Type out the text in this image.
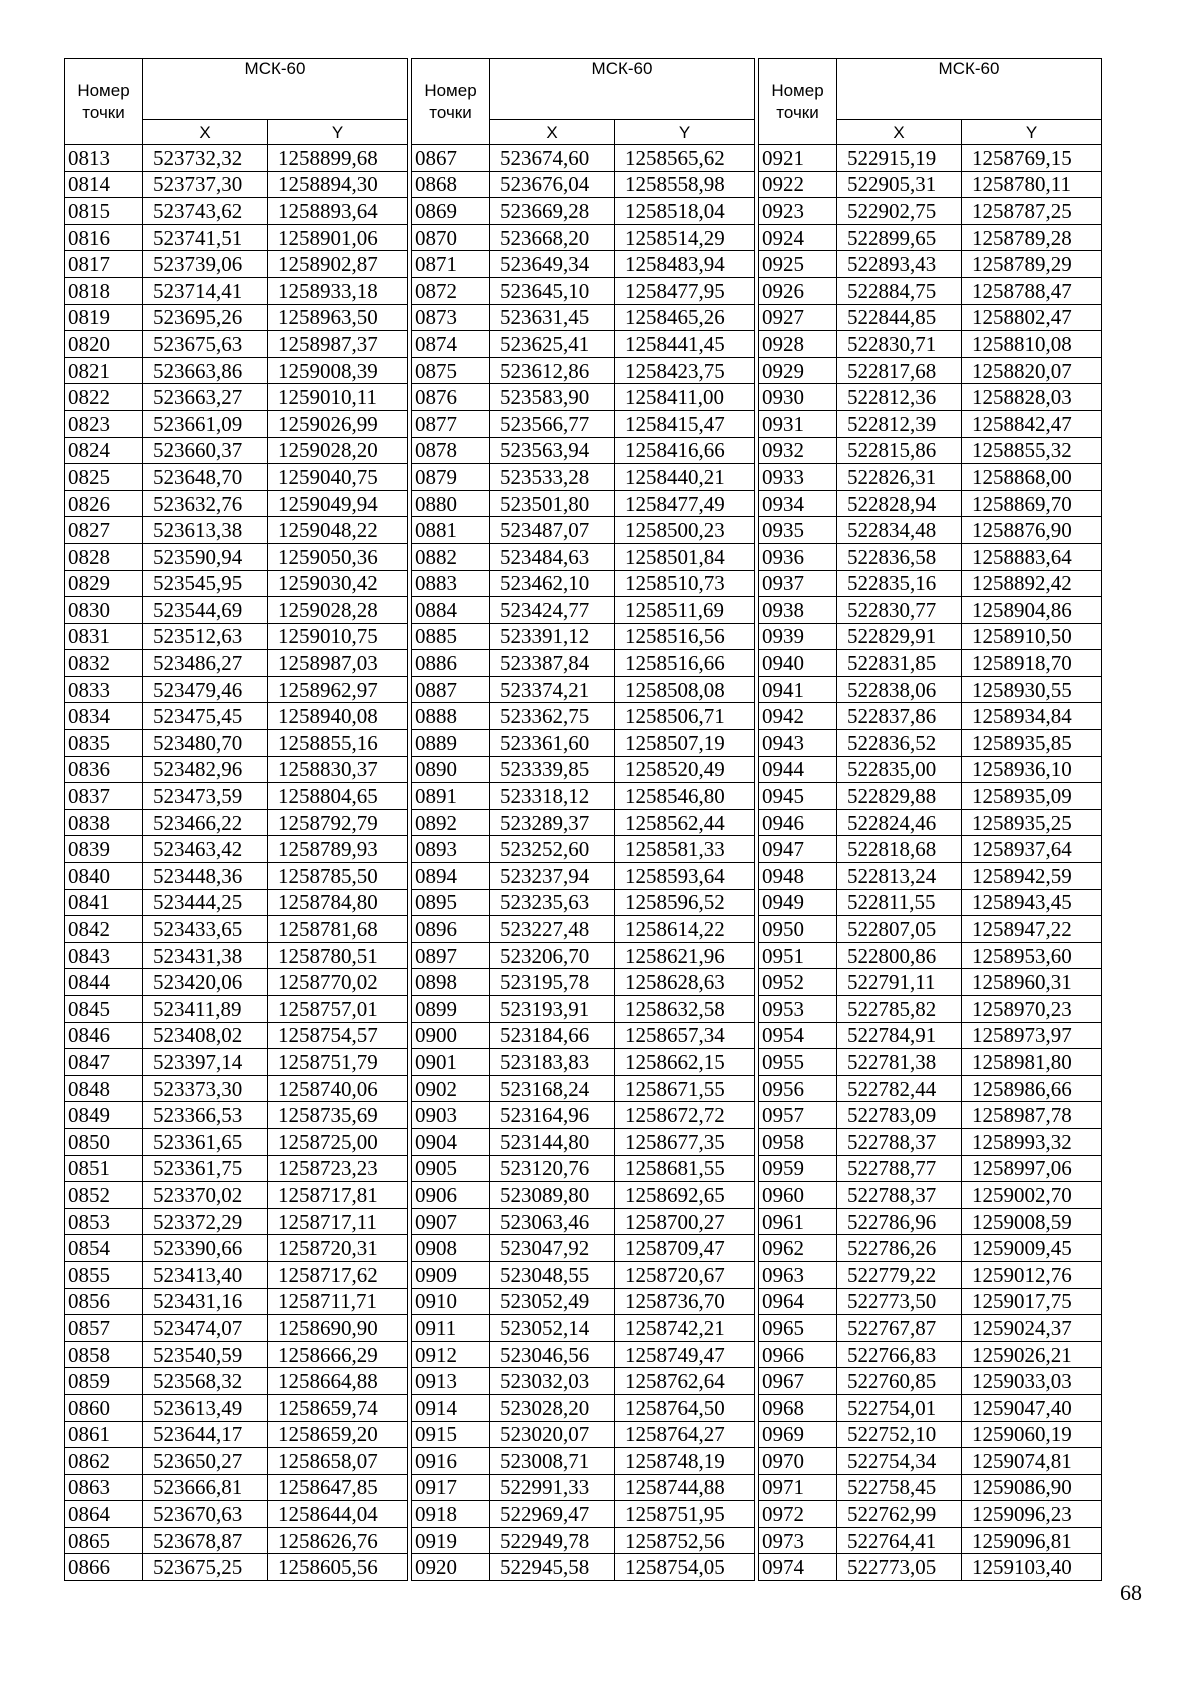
Номер точки	МСК-60	
	X	Y
0813	523732,32	1258899,68
0814	523737,30	1258894,30
0815	523743,62	1258893,64
0816	523741,51	1258901,06
0817	523739,06	1258902,87
0818	523714,41	1258933,18
0819	523695,26	1258963,50
0820	523675,63	1258987,37
0821	523663,86	1259008,39
0822	523663,27	1259010,11
0823	523661,09	1259026,99
0824	523660,37	1259028,20
0825	523648,70	1259040,75
0826	523632,76	1259049,94
0827	523613,38	1259048,22
0828	523590,94	1259050,36
0829	523545,95	1259030,42
0830	523544,69	1259028,28
0831	523512,63	1259010,75
0832	523486,27	1258987,03
0833	523479,46	1258962,97
0834	523475,45	1258940,08
0835	523480,70	1258855,16
0836	523482,96	1258830,37
0837	523473,59	1258804,65
0838	523466,22	1258792,79
0839	523463,42	1258789,93
0840	523448,36	1258785,50
0841	523444,25	1258784,80
0842	523433,65	1258781,68
0843	523431,38	1258780,51
0844	523420,06	1258770,02
0845	523411,89	1258757,01
0846	523408,02	1258754,57
0847	523397,14	1258751,79
0848	523373,30	1258740,06
0849	523366,53	1258735,69
0850	523361,65	1258725,00
0851	523361,75	1258723,23
0852	523370,02	1258717,81
0853	523372,29	1258717,11
0854	523390,66	1258720,31
0855	523413,40	1258717,62
0856	523431,16	1258711,71
0857	523474,07	1258690,90
0858	523540,59	1258666,29
0859	523568,32	1258664,88
0860	523613,49	1258659,74
0861	523644,17	1258659,20
0862	523650,27	1258658,07
0863	523666,81	1258647,85
0864	523670,63	1258644,04
0865	523678,87	1258626,76
0866	523675,25	1258605,56
Номер точки	МСК-60	
	X	Y
0867	523674,60	1258565,62
0868	523676,04	1258558,98
0869	523669,28	1258518,04
0870	523668,20	1258514,29
0871	523649,34	1258483,94
0872	523645,10	1258477,95
0873	523631,45	1258465,26
0874	523625,41	1258441,45
0875	523612,86	1258423,75
0876	523583,90	1258411,00
0877	523566,77	1258415,47
0878	523563,94	1258416,66
0879	523533,28	1258440,21
0880	523501,80	1258477,49
0881	523487,07	1258500,23
0882	523484,63	1258501,84
0883	523462,10	1258510,73
0884	523424,77	1258511,69
0885	523391,12	1258516,56
0886	523387,84	1258516,66
0887	523374,21	1258508,08
0888	523362,75	1258506,71
0889	523361,60	1258507,19
0890	523339,85	1258520,49
0891	523318,12	1258546,80
0892	523289,37	1258562,44
0893	523252,60	1258581,33
0894	523237,94	1258593,64
0895	523235,63	1258596,52
0896	523227,48	1258614,22
0897	523206,70	1258621,96
0898	523195,78	1258628,63
0899	523193,91	1258632,58
0900	523184,66	1258657,34
0901	523183,83	1258662,15
0902	523168,24	1258671,55
0903	523164,96	1258672,72
0904	523144,80	1258677,35
0905	523120,76	1258681,55
0906	523089,80	1258692,65
0907	523063,46	1258700,27
0908	523047,92	1258709,47
0909	523048,55	1258720,67
0910	523052,49	1258736,70
0911	523052,14	1258742,21
0912	523046,56	1258749,47
0913	523032,03	1258762,64
0914	523028,20	1258764,50
0915	523020,07	1258764,27
0916	523008,71	1258748,19
0917	522991,33	1258744,88
0918	522969,47	1258751,95
0919	522949,78	1258752,56
0920	522945,58	1258754,05
Номер точки	МСК-60	
	X	Y
0921	522915,19	1258769,15
0922	522905,31	1258780,11
0923	522902,75	1258787,25
0924	522899,65	1258789,28
0925	522893,43	1258789,29
0926	522884,75	1258788,47
0927	522844,85	1258802,47
0928	522830,71	1258810,08
0929	522817,68	1258820,07
0930	522812,36	1258828,03
0931	522812,39	1258842,47
0932	522815,86	1258855,32
0933	522826,31	1258868,00
0934	522828,94	1258869,70
0935	522834,48	1258876,90
0936	522836,58	1258883,64
0937	522835,16	1258892,42
0938	522830,77	1258904,86
0939	522829,91	1258910,50
0940	522831,85	1258918,70
0941	522838,06	1258930,55
0942	522837,86	1258934,84
0943	522836,52	1258935,85
0944	522835,00	1258936,10
0945	522829,88	1258935,09
0946	522824,46	1258935,25
0947	522818,68	1258937,64
0948	522813,24	1258942,59
0949	522811,55	1258943,45
0950	522807,05	1258947,22
0951	522800,86	1258953,60
0952	522791,11	1258960,31
0953	522785,82	1258970,23
0954	522784,91	1258973,97
0955	522781,38	1258981,80
0956	522782,44	1258986,66
0957	522783,09	1258987,78
0958	522788,37	1258993,32
0959	522788,77	1258997,06
0960	522788,37	1259002,70
0961	522786,96	1259008,59
0962	522786,26	1259009,45
0963	522779,22	1259012,76
0964	522773,50	1259017,75
0965	522767,87	1259024,37
0966	522766,83	1259026,21
0967	522760,85	1259033,03
0968	522754,01	1259047,40
0969	522752,10	1259060,19
0970	522754,34	1259074,81
0971	522758,45	1259086,90
0972	522762,99	1259096,23
0973	522764,41	1259096,81
0974	522773,05	1259103,40
68
